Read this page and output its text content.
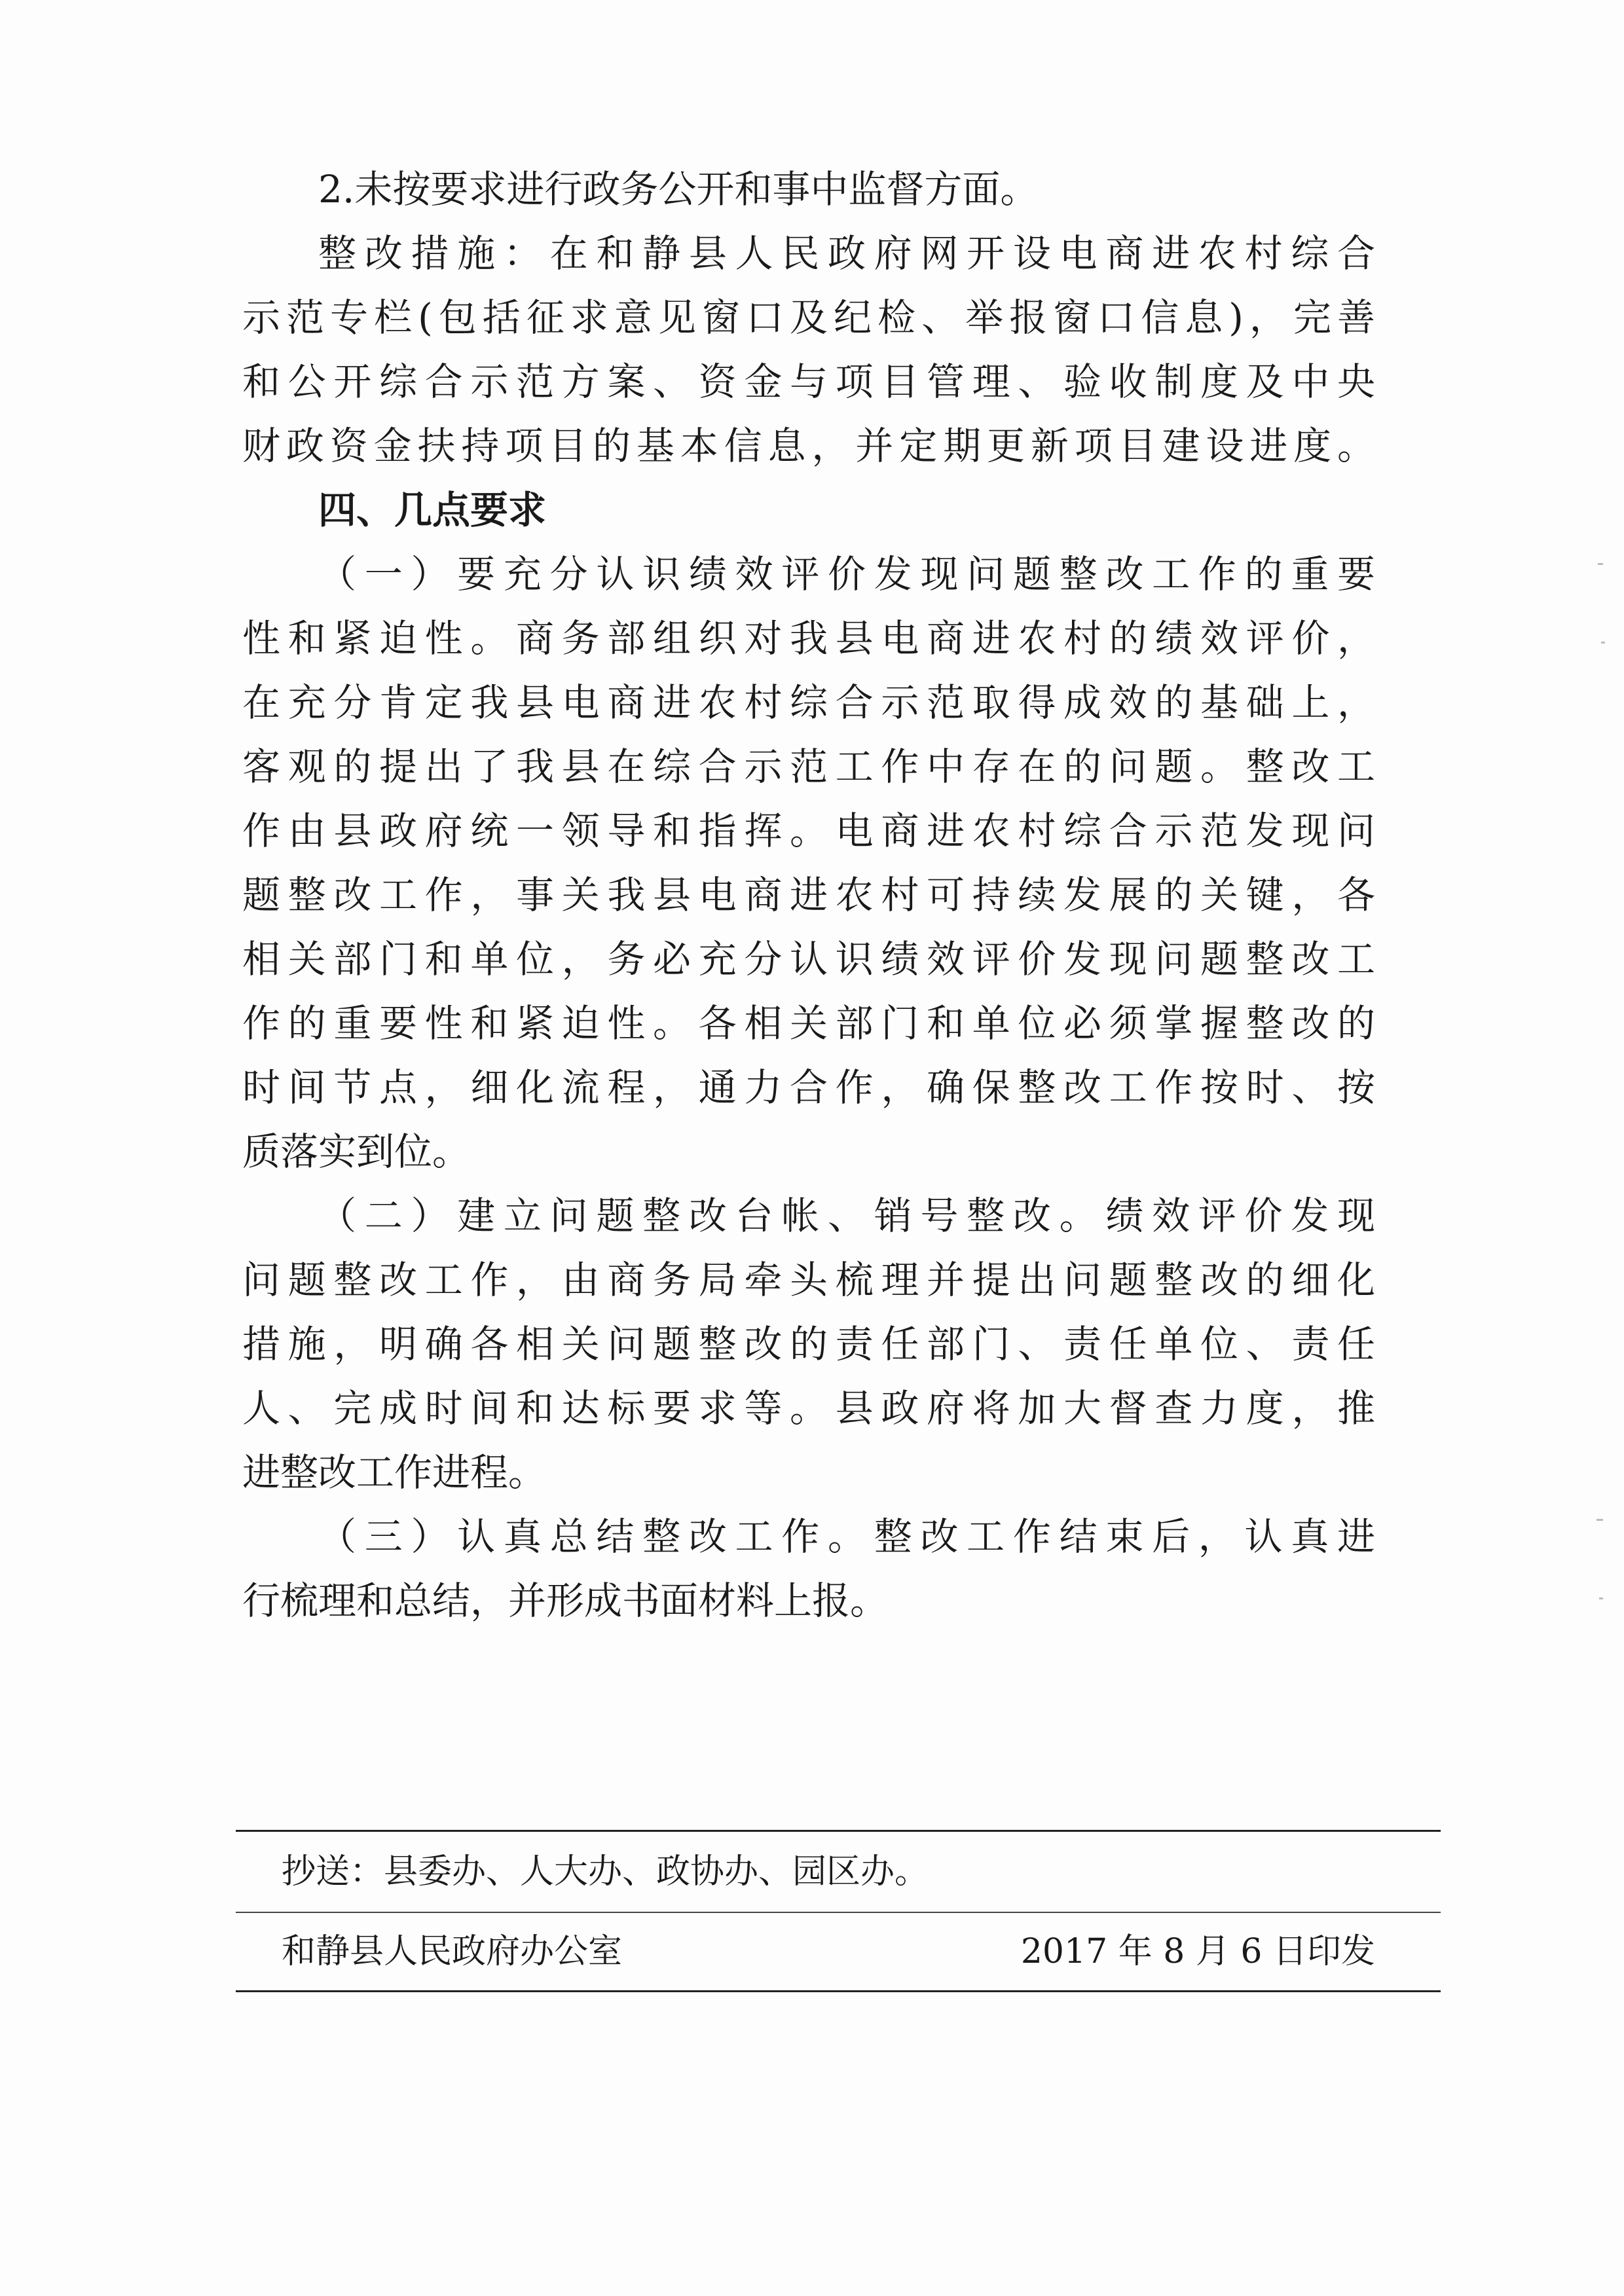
2.未按要求进行政务公开和事中监督方面。
整改措施：在和静县人民政府网开设电商进农村综合
示范专栏(包括征求意见窗口及纪检、举报窗口信息)，完善
和公开综合示范方案、资金与项目管理、验收制度及中央
财政资金扶持项目的基本信息，并定期更新项目建设进度。
四、几点要求
（一）要充分认识绩效评价发现问题整改工作的重要
性和紧迫性。商务部组织对我县电商进农村的绩效评价，
在充分肯定我县电商进农村综合示范取得成效的基础上，
客观的提出了我县在综合示范工作中存在的问题。整改工
作由县政府统一领导和指挥。电商进农村综合示范发现问
题整改工作，事关我县电商进农村可持续发展的关键，各
相关部门和单位，务必充分认识绩效评价发现问题整改工
作的重要性和紧迫性。各相关部门和单位必须掌握整改的
时间节点，细化流程，通力合作，确保整改工作按时、按
质落实到位。
（二）建立问题整改台帐、销号整改。绩效评价发现
问题整改工作，由商务局牵头梳理并提出问题整改的细化
措施，明确各相关问题整改的责任部门、责任单位、责任
人、完成时间和达标要求等。县政府将加大督查力度，推
进整改工作进程。
（三）认真总结整改工作。整改工作结束后，认真进
行梳理和总结，并形成书面材料上报。
抄送：县委办、人大办、政协办、园区办。
和静县人民政府办公室	2017 年 8 月 6 日印发
